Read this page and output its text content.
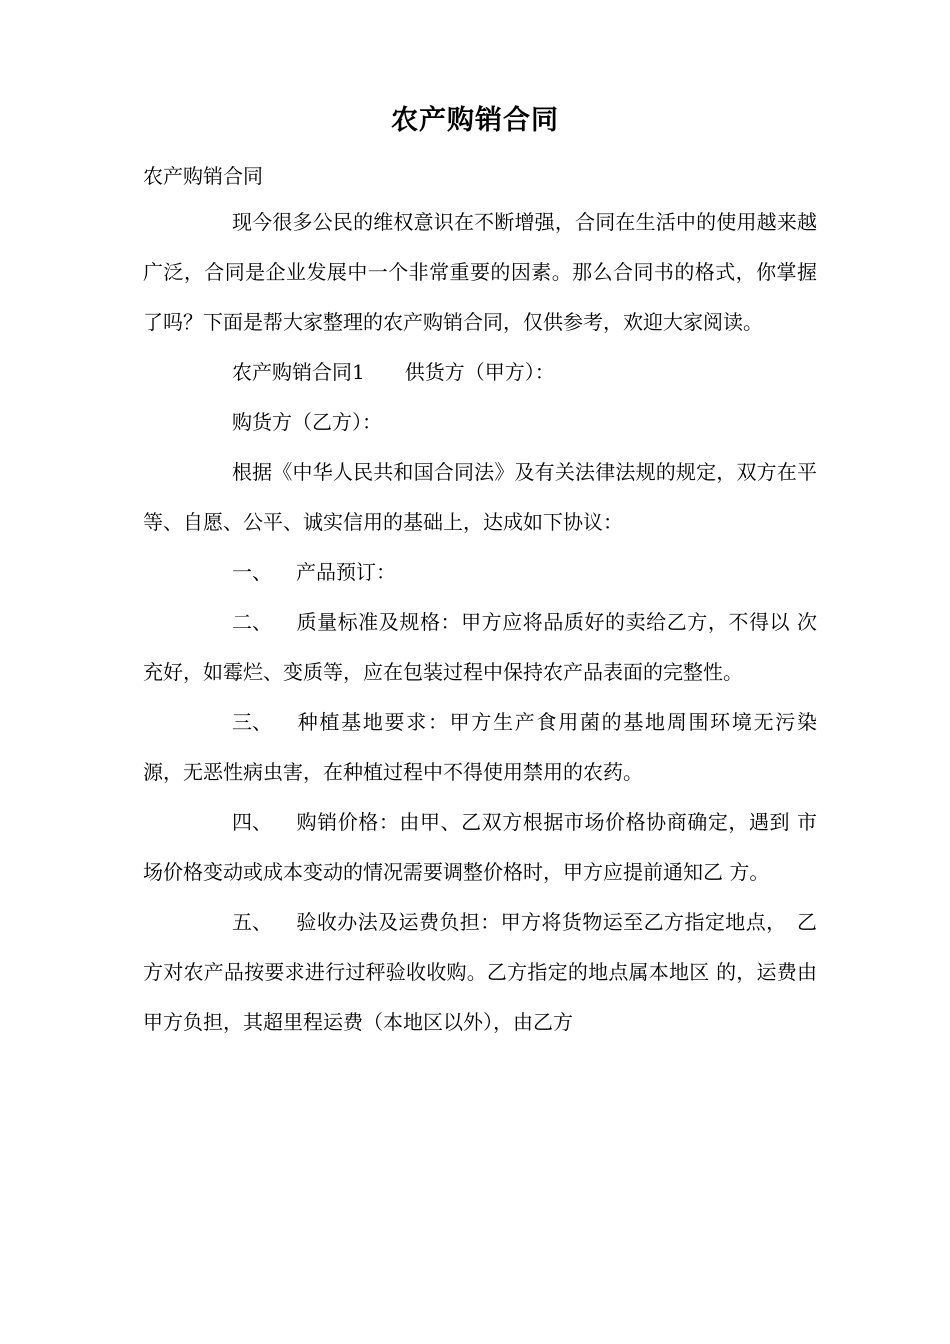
农产购销合同
农产购销合同

现今很多公民的维权意识在不断增强，合同在生活中的使用越来越广泛，合同是企业发展中一个非常重要的因素。那么合同书的格式，你掌握了吗？下面是帮大家整理的农产购销合同，仅供参考，欢迎大家阅读。

农产购销合同1　　供货方（甲方）：

购货方（乙方）：

根据《中华人民共和国合同法》及有关法律法规的规定，双方在平等、自愿、公平、诚实信用的基础上，达成如下协议：

一、 产品预订：

二、 质量标准及规格：甲方应将品质好的卖给乙方，不得以 次充好，如霉烂、变质等，应在包装过程中保持农产品表面的完整性。

三、 种植基地要求：甲方生产食用菌的基地周围环境无污染 源，无恶性病虫害，在种植过程中不得使用禁用的农药。

四、 购销价格：由甲、乙双方根据市场价格协商确定，遇到 市场价格变动或成本变动的情况需要调整价格时，甲方应提前通知乙 方。

五、 验收办法及运费负担：甲方将货物运至乙方指定地点，　乙方对农产品按要求进行过秤验收收购。乙方指定的地点属本地区 的，运费由甲方负担，其超里程运费（本地区以外），由乙方
